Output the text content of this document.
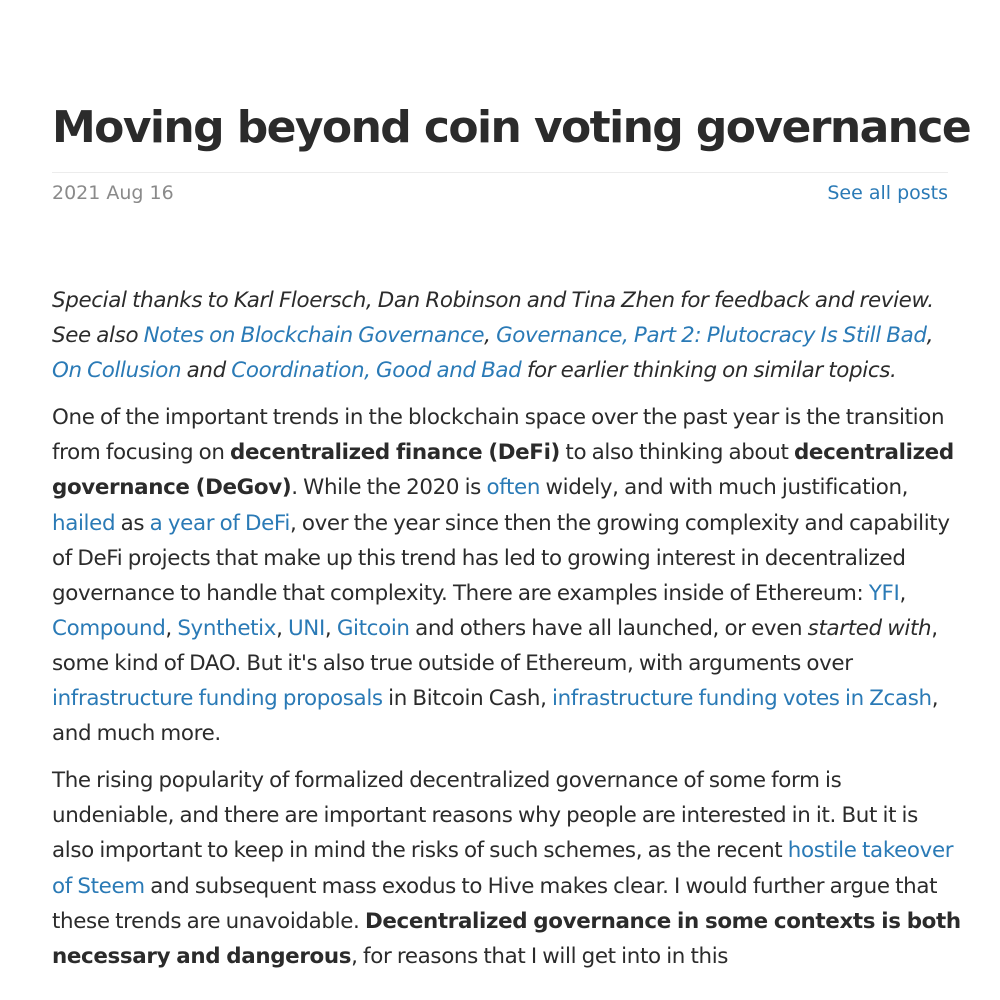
Moving beyond coin voting governance
2021 Aug 16	See all posts

Special thanks to Karl Floersch, Dan Robinson and Tina Zhen for feedback and review. See also Notes on Blockchain Governance, Governance, Part 2: Plutocracy Is Still Bad, On Collusion and Coordination, Good and Bad for earlier thinking on similar topics.

One of the important trends in the blockchain space over the past year is the transition from focusing on decentralized finance (DeFi) to also thinking about decentralized governance (DeGov). While the 2020 is often widely, and with much justification, hailed as a year of DeFi, over the year since then the growing complexity and capability of DeFi projects that make up this trend has led to growing interest in decentralized governance to handle that complexity. There are examples inside of Ethereum: YFI, Compound, Synthetix, UNI, Gitcoin and others have all launched, or even started with, some kind of DAO. But it's also true outside of Ethereum, with arguments over infrastructure funding proposals in Bitcoin Cash, infrastructure funding votes in Zcash, and much more.

The rising popularity of formalized decentralized governance of some form is undeniable, and there are important reasons why people are interested in it. But it is also important to keep in mind the risks of such schemes, as the recent hostile takeover of Steem and subsequent mass exodus to Hive makes clear. I would further argue that these trends are unavoidable. Decentralized governance in some contexts is both necessary and dangerous, for reasons that I will get into in this
